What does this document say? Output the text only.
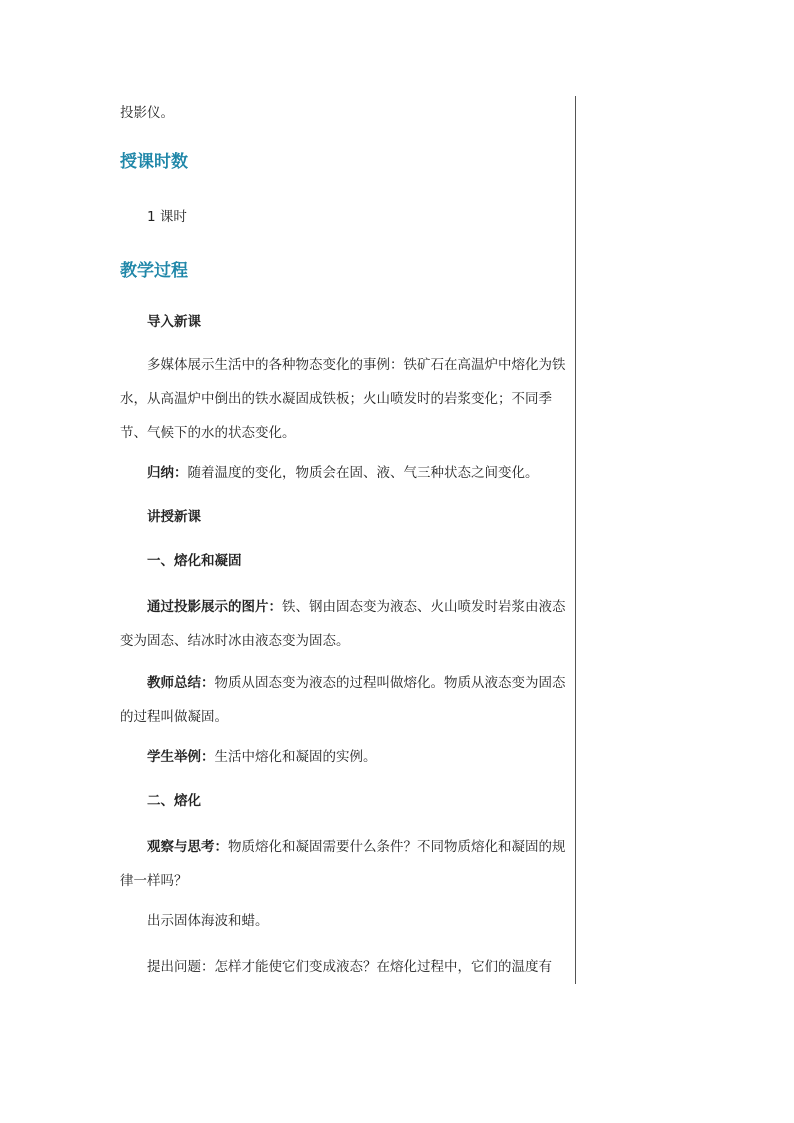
投影仪。
授课时数
1 课时
教学过程
导入新课
多媒体展示生活中的各种物态变化的事例：铁矿石在高温炉中熔化为铁水，从高温炉中倒出的铁水凝固成铁板；火山喷发时的岩浆变化；不同季节、气候下的水的状态变化。
归纳：随着温度的变化，物质会在固、液、气三种状态之间变化。
讲授新课
一、熔化和凝固
通过投影展示的图片：铁、钢由固态变为液态、火山喷发时岩浆由液态变为固态、结冰时冰由液态变为固态。
教师总结：物质从固态变为液态的过程叫做熔化。物质从液态变为固态的过程叫做凝固。
学生举例：生活中熔化和凝固的实例。
二、熔化
观察与思考：物质熔化和凝固需要什么条件？不同物质熔化和凝固的规律一样吗？
出示固体海波和蜡。
提出问题：怎样才能使它们变成液态？在熔化过程中，它们的温度有
